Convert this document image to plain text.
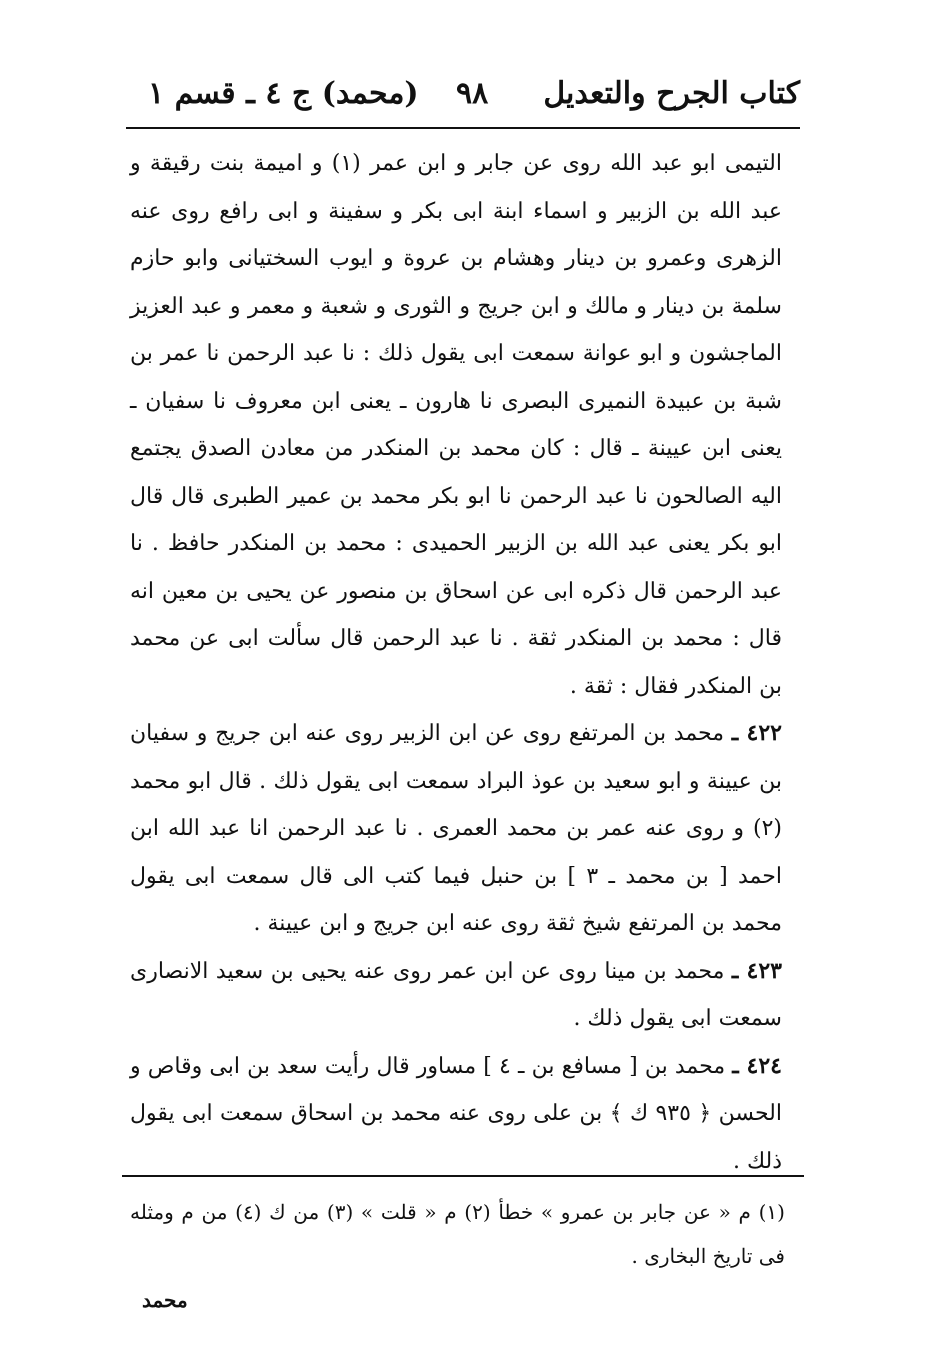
كتاب الجرح والتعديل
٩٨
(محمد) ج ٤ ـ قسم ١

التيمى ابو عبد الله روى عن جابر و ابن عمر (١) و اميمة بنت رقيقة و عبد الله بن الزبير و اسماء ابنة ابى بكر و سفينة و ابى رافع روى عنه الزهرى وعمرو بن دينار وهشام بن عروة و ايوب السختيانى وابو حازم سلمة بن دينار و مالك و ابن جريج و الثورى و شعبة و معمر و عبد العزيز الماجشون و ابو عوانة سمعت ابى يقول ذلك : نا عبد الرحمن نا عمر بن شبة بن عبيدة النميرى البصرى نا هارون ـ يعنى ابن معروف نا سفيان ـ يعنى ابن عيينة ـ قال : كان محمد بن المنكدر من معادن الصدق يجتمع اليه الصالحون نا عبد الرحمن نا ابو بكر محمد بن عمير الطبرى قال قال ابو بكر يعنى عبد الله بن الزبير الحميدى : محمد بن المنكدر حافظ . نا عبد الرحمن قال ذكره ابى عن اسحاق بن منصور عن يحيى بن معين انه قال : محمد بن المنكدر ثقة . نا عبد الرحمن قال سألت ابى عن محمد بن المنكدر فقال : ثقة .

٤٢٢ ـ محمد بن المرتفع روى عن ابن الزبير روى عنه ابن جريج و سفيان بن عيينة و ابو سعيد بن عوذ البراد سمعت ابى يقول ذلك . قال ابو محمد (٢) و روى عنه عمر بن محمد العمرى . نا عبد الرحمن انا عبد الله ابن احمد [ بن محمد ـ ٣ ] بن حنبل فيما كتب الى قال سمعت ابى يقول محمد بن المرتفع شيخ ثقة روى عنه ابن جريج و ابن عيينة .

٤٢٣ ـ محمد بن مينا روى عن ابن عمر روى عنه يحيى بن سعيد الانصارى سمعت ابى يقول ذلك .

٤٢٤ ـ محمد بن [ مسافع بن ـ ٤ ] مساور قال رأيت سعد بن ابى وقاص و الحسن ﴿ ٩٣٥ ك ﴾ بن على روى عنه محمد بن اسحاق سمعت ابى يقول ذلك .

(١) م « عن جابر بن عمرو » خطأ (٢) م « قلت » (٣) من ك (٤) من م ومثله فى تاريخ البخارى .
محمد
